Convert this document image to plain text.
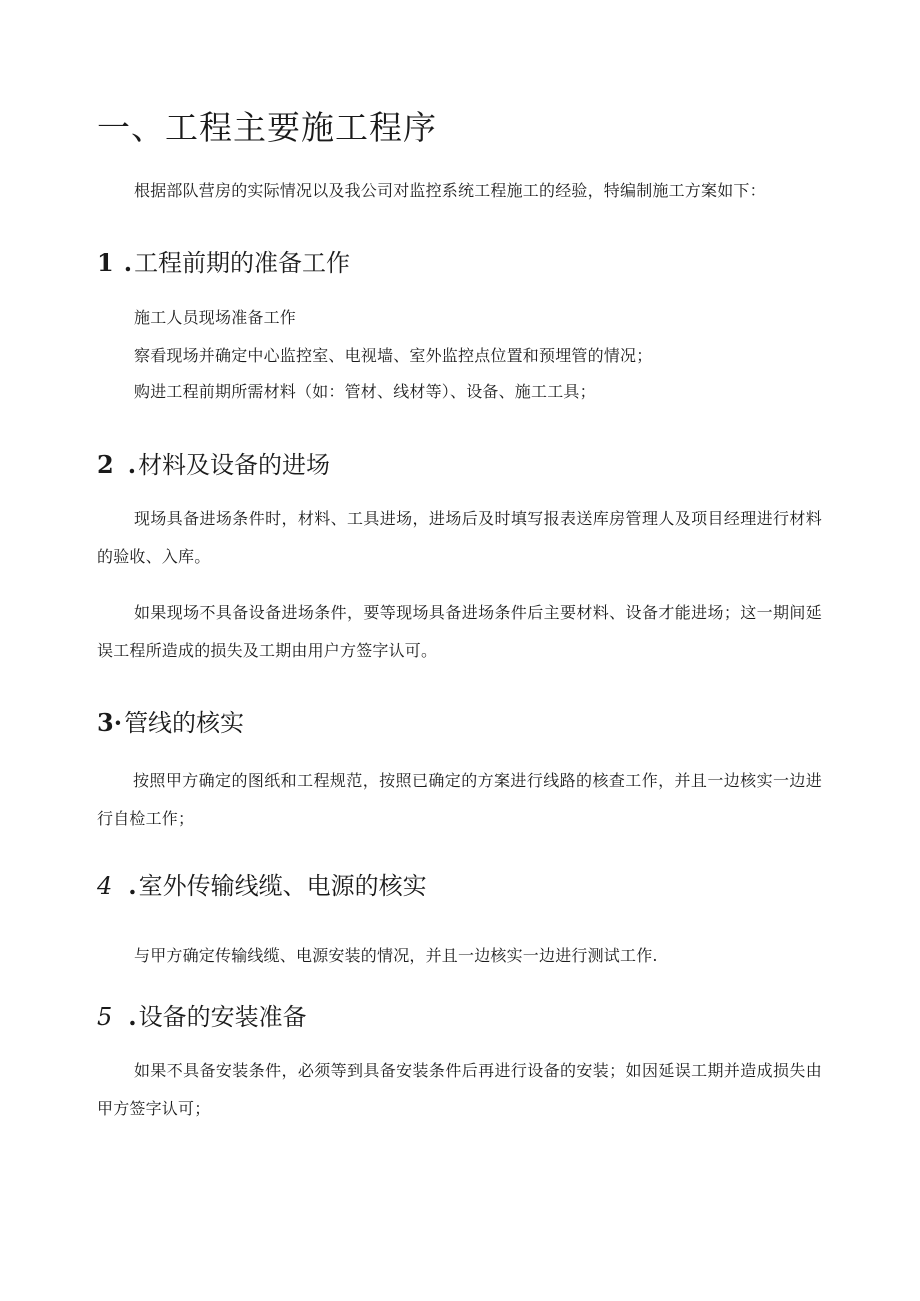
一、工程主要施工程序

根据部队营房的实际情况以及我公司对监控系统工程施工的经验，特编制施工方案如下：

1 .工程前期的准备工作

施工人员现场准备工作

察看现场并确定中心监控室、电视墙、室外监控点位置和预埋管的情况；

购进工程前期所需材料（如：管材、线材等）、设备、施工工具；

2 .材料及设备的进场

现场具备进场条件时，材料、工具进场，进场后及时填写报表送库房管理人及项目经理进行材料的验收、入库。

如果现场不具备设备进场条件，要等现场具备进场条件后主要材料、设备才能进场；这一期间延误工程所造成的损失及工期由用户方签字认可。

3·管线的核实

按照甲方确定的图纸和工程规范，按照已确定的方案进行线路的核查工作，并且一边核实一边进行自检工作；

4 .室外传输线缆、电源的核实

与甲方确定传输线缆、电源安装的情况，并且一边核实一边进行测试工作.

5 .设备的安装准备

如果不具备安装条件，必须等到具备安装条件后再进行设备的安装；如因延误工期并造成损失由甲方签字认可；
